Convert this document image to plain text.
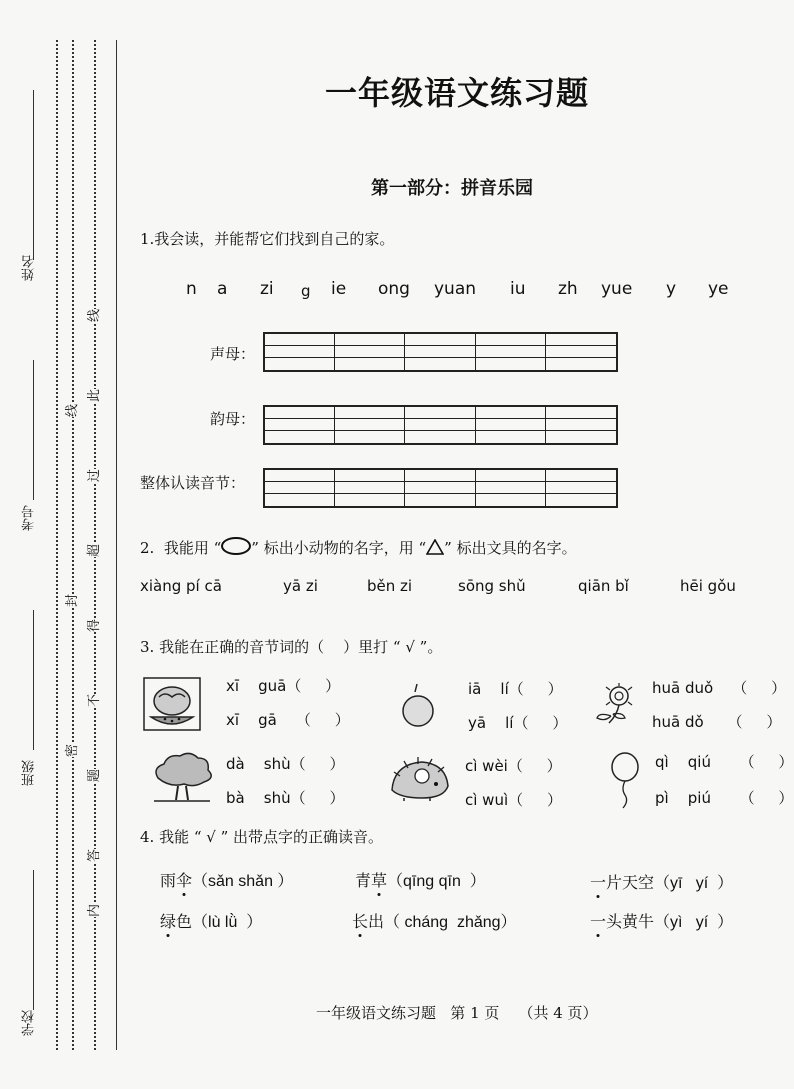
姓名
考号
班级
学校
密
封
线
内
不
得
超
过
此
线
题
答
一年级语文练习题
第一部分：拼音乐园
1.我会读，并能帮它们找到自己的家。
n a zi g ie ong yuan iu zh yue y ye
声母：
韵母：
整体认读音节：
2.  我能用 “ ” 标出小动物的名字，用 “ ” 标出文具的名字。
xiàng pí cā	yā zi	běn zi	sōng shǔ	qiān bǐ	hēi gǒu
3. 我能在正确的音节词的（    ）里打 “ √ ”。
xī    guā（     ）
xī    gā    （     ）
iā    lí（     ）
yā    lí（     ）
huā duǒ    （     ）
huā dǒ     （     ）
dà    shù（     ）
bà    shù（     ）
cì wèi（     ）
cì wuì（     ）
qì    qiú      （     ）
pì    piú      （     ）
4. 我能 “ √ ” 出带点字的正确读音。
雨伞（sǎn shǎn ）	青草（qīng qīn  ）	一片天空（yī   yí  ）
绿色（lù lǜ  ）	长出（ cháng  zhǎng）	一头黄牛（yì   yí  ）
一年级语文练习题   第 1 页    （共 4 页）
